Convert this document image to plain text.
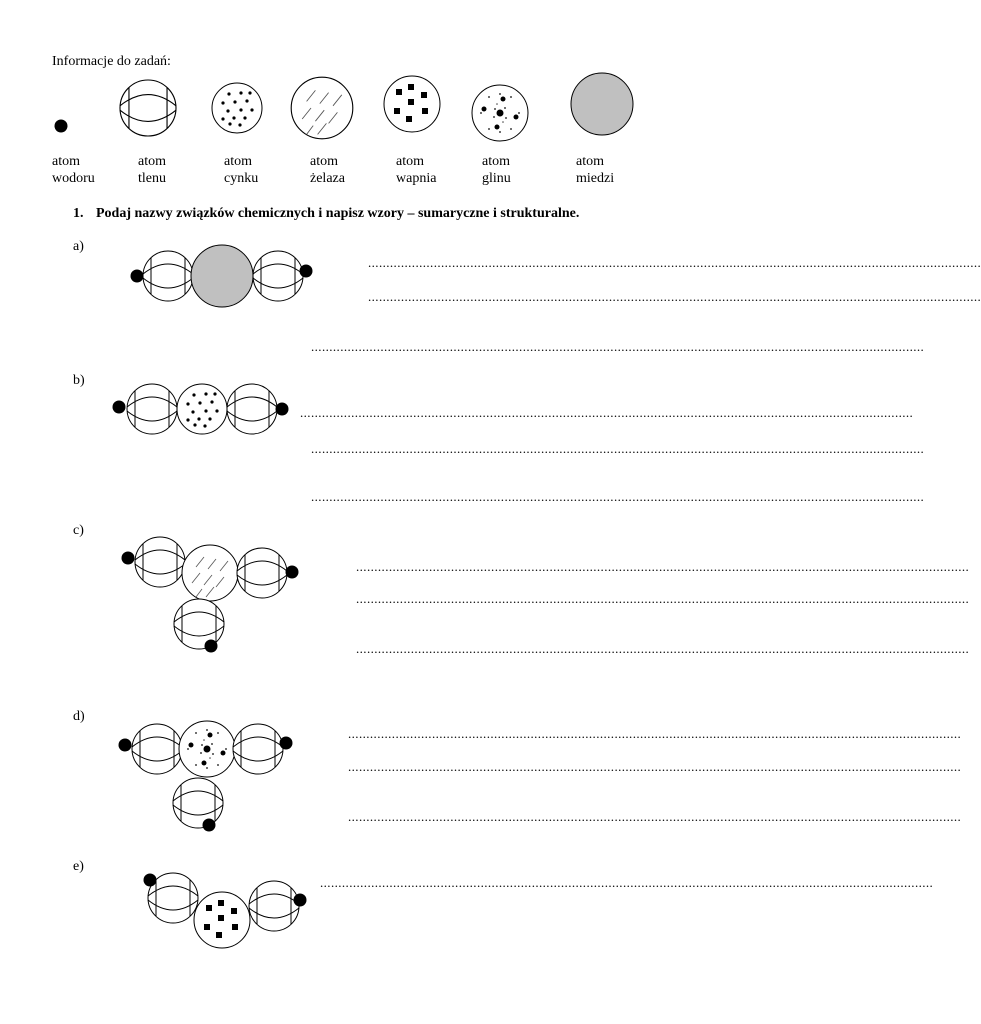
Informacje do zadań:
atom
wodoru
atom
tlenu
atom
cynku
atom
żelaza
atom
wapnia
atom
glinu
atom
miedzi
1. Podaj nazwy związków chemicznych i napisz wzory – sumaryczne i strukturalne.
a)
b)
c)
d)
e)
........................................................................................................................................................................
........................................................................................................................................................................
........................................................................................................................................................................
........................................................................................................................................................................
........................................................................................................................................................................
........................................................................................................................................................................
........................................................................................................................................................................
........................................................................................................................................................................
........................................................................................................................................................................
........................................................................................................................................................................
........................................................................................................................................................................
........................................................................................................................................................................
........................................................................................................................................................................
